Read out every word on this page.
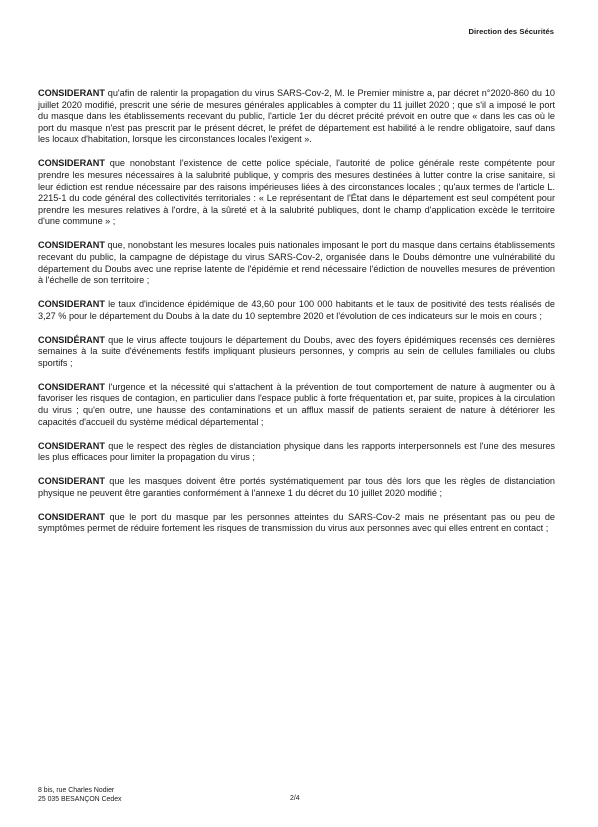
Direction des Sécurités

CONSIDERANT qu'afin de ralentir la propagation du virus SARS-Cov-2, M. le Premier ministre a, par décret n°2020-860 du 10 juillet 2020 modifié, prescrit une série de mesures générales applicables à compter du 11 juillet 2020 ; que s'il a imposé le port du masque dans les établissements recevant du public, l'article 1er du décret précité prévoit en outre que « dans les cas où le port du masque n'est pas prescrit par le présent décret, le préfet de département est habilité à le rendre obligatoire, sauf dans les locaux d'habitation, lorsque les circonstances locales l'exigent ».

CONSIDERANT que nonobstant l'existence de cette police spéciale, l'autorité de police générale reste compétente pour prendre les mesures nécessaires à la salubrité publique, y compris des mesures destinées à lutter contre la crise sanitaire, si leur édiction est rendue nécessaire par des raisons impérieuses liées à des circonstances locales ; qu'aux termes de l'article L. 2215-1 du code général des collectivités territoriales : « Le représentant de l'État dans le département est seul compétent pour prendre les mesures relatives à l'ordre, à la sûreté et à la salubrité publiques, dont le champ d'application excède le territoire d'une commune » ;

CONSIDERANT que, nonobstant les mesures locales puis nationales imposant le port du masque dans certains établissements recevant du public, la campagne de dépistage du virus SARS-Cov-2, organisée dans le Doubs démontre une vulnérabilité du département du Doubs avec une reprise latente de l'épidémie et rend nécessaire l'édiction de nouvelles mesures de prévention à l'échelle de son territoire ;

CONSIDERANT le taux d'incidence épidémique de 43,60 pour 100 000 habitants et le taux de positivité des tests réalisés de 3,27 % pour le département du Doubs à la date du 10 septembre 2020 et l'évolution de ces indicateurs sur le mois en cours ;

CONSIDÉRANT que le virus affecte toujours le département du Doubs, avec des foyers épidémiques recensés ces dernières semaines à la suite d'événements festifs impliquant plusieurs personnes, y compris au sein de cellules familiales ou clubs sportifs ;

CONSIDERANT l'urgence et la nécessité qui s'attachent à la prévention de tout comportement de nature à augmenter ou à favoriser les risques de contagion, en particulier dans l'espace public à forte fréquentation et, par suite, propices à la circulation du virus ; qu'en outre, une hausse des contaminations et un afflux massif de patients seraient de nature à détériorer les capacités d'accueil du système médical départemental ;

CONSIDERANT que le respect des règles de distanciation physique dans les rapports interpersonnels est l'une des mesures les plus efficaces pour limiter la propagation du virus ;

CONSIDERANT que les masques doivent être portés systématiquement par tous dès lors que les règles de distanciation physique ne peuvent être garanties conformément à l'annexe 1 du décret du 10 juillet 2020 modifié ;

CONSIDERANT que le port du masque par les personnes atteintes du SARS-Cov-2 mais ne présentant pas ou peu de symptômes permet de réduire fortement les risques de transmission du virus aux personnes avec qui elles entrent en contact ;

8 bis, rue Charles Nodier
25 035 BESANÇON Cedex	2/4
